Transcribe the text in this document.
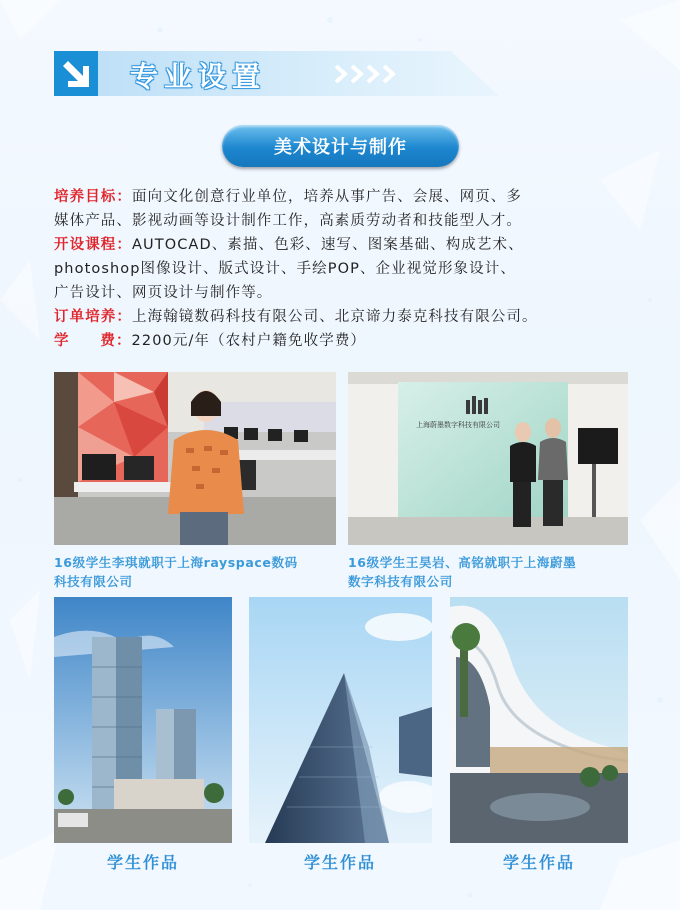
专业设置
美术设计与制作
培养目标：面向文化创意行业单位，培养从事广告、会展、网页、多
媒体产品、影视动画等设计制作工作，高素质劳动者和技能型人才。
开设课程：AUTOCAD、素描、色彩、速写、图案基础、构成艺术、
photoshop图像设计、版式设计、手绘POP、企业视觉形象设计、
广告设计、网页设计与制作等。
订单培养：上海翰镜数码科技有限公司、北京谛力泰克科技有限公司。
学     费：2200元/年（农村户籍免收学费）
16级学生李琪就职于上海rayspace数码
科技有限公司
上海蔚墨数字科技有限公司
16级学生王昊岩、高铭就职于上海蔚墨
数字科技有限公司
学生作品	学生作品	学生作品
